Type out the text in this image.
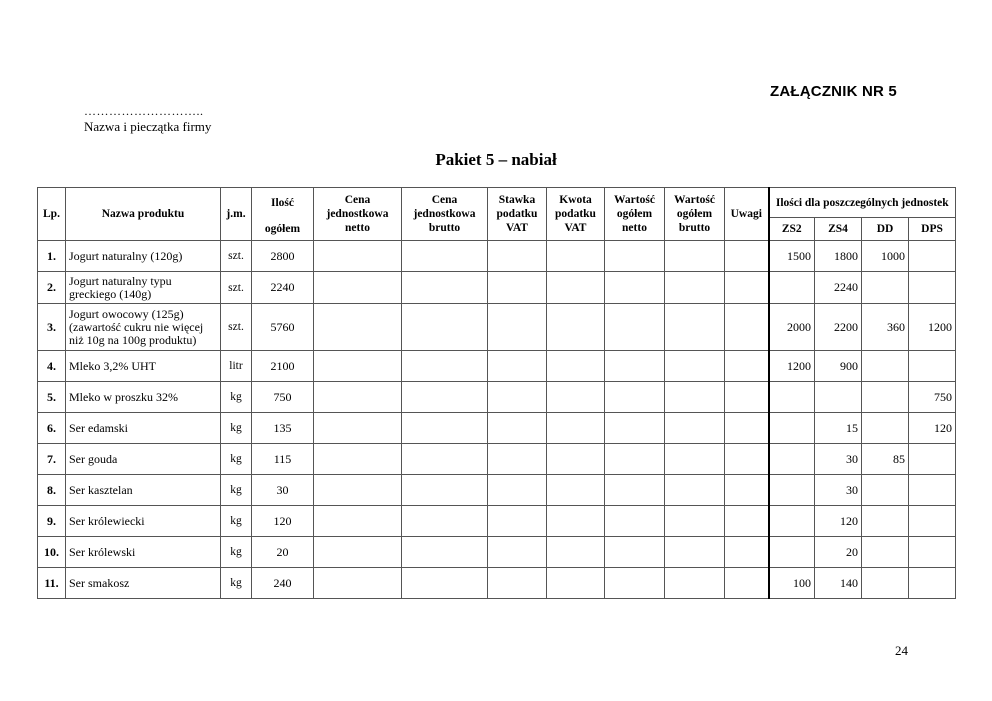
ZAŁĄCZNIK NR 5
………………………..
Nazwa i pieczątka firmy
Pakiet 5 – nabiał
Lp.	Nazwa produktu	j.m.	Ilość	Cena jednostkowa netto	Cena jednostkowa brutto	Stawka podatku VAT	Kwota podatku VAT	Wartość ogółem netto	Wartość ogółem brutto	Uwagi	Ilości dla poszczególnych jednostek			
			ogółem								ZS2	ZS4	DD	DPS
1.	Jogurt naturalny (120g)	szt.	2800								1500	1800	1000	
2.	Jogurt naturalny typu greckiego (140g)	szt.	2240									2240		
3.	Jogurt owocowy (125g) (zawartość cukru nie więcej niż 10g na 100g produktu)	szt.	5760								2000	2200	360	1200
4.	Mleko 3,2% UHT	litr	2100								1200	900		
5.	Mleko w proszku 32%	kg	750											750
6.	Ser edamski	kg	135									15		120
7.	Ser gouda	kg	115									30	85	
8.	Ser kasztelan	kg	30									30		
9.	Ser królewiecki	kg	120									120		
10.	Ser królewski	kg	20									20		
11.	Ser smakosz	kg	240								100	140		
24
